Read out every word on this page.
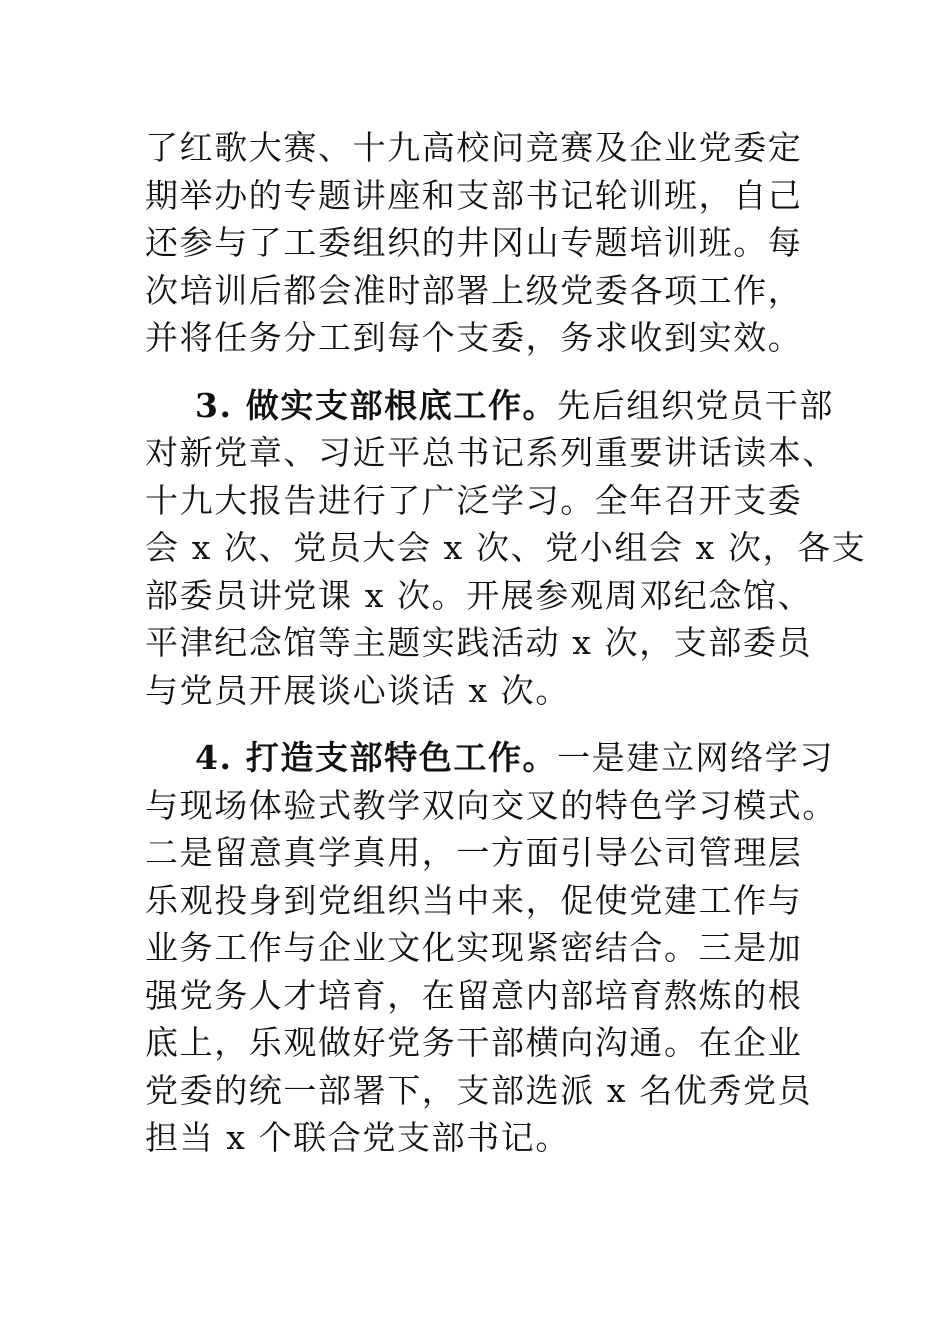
了红歌大赛、十九高校问竞赛及企业党委定
期举办的专题讲座和支部书记轮训班，自己
还参与了工委组织的井冈山专题培训班。每
次培训后都会准时部署上级党委各项工作，
并将任务分工到每个支委，务求收到实效。
3. 做实支部根底工作。先后组织党员干部
对新党章、习近平总书记系列重要讲话读本、
十九大报告进行了广泛学习。全年召开支委
会 x 次、党员大会 x 次、党小组会 x 次，各支
部委员讲党课 x 次。开展参观周邓纪念馆、
平津纪念馆等主题实践活动 x 次，支部委员
与党员开展谈心谈话 x 次。
4. 打造支部特色工作。一是建立网络学习
与现场体验式教学双向交叉的特色学习模式。
二是留意真学真用，一方面引导公司管理层
乐观投身到党组织当中来，促使党建工作与
业务工作与企业文化实现紧密结合。三是加
强党务人才培育，在留意内部培育熬炼的根
底上，乐观做好党务干部横向沟通。在企业
党委的统一部署下，支部选派 x 名优秀党员
担当 x 个联合党支部书记。
